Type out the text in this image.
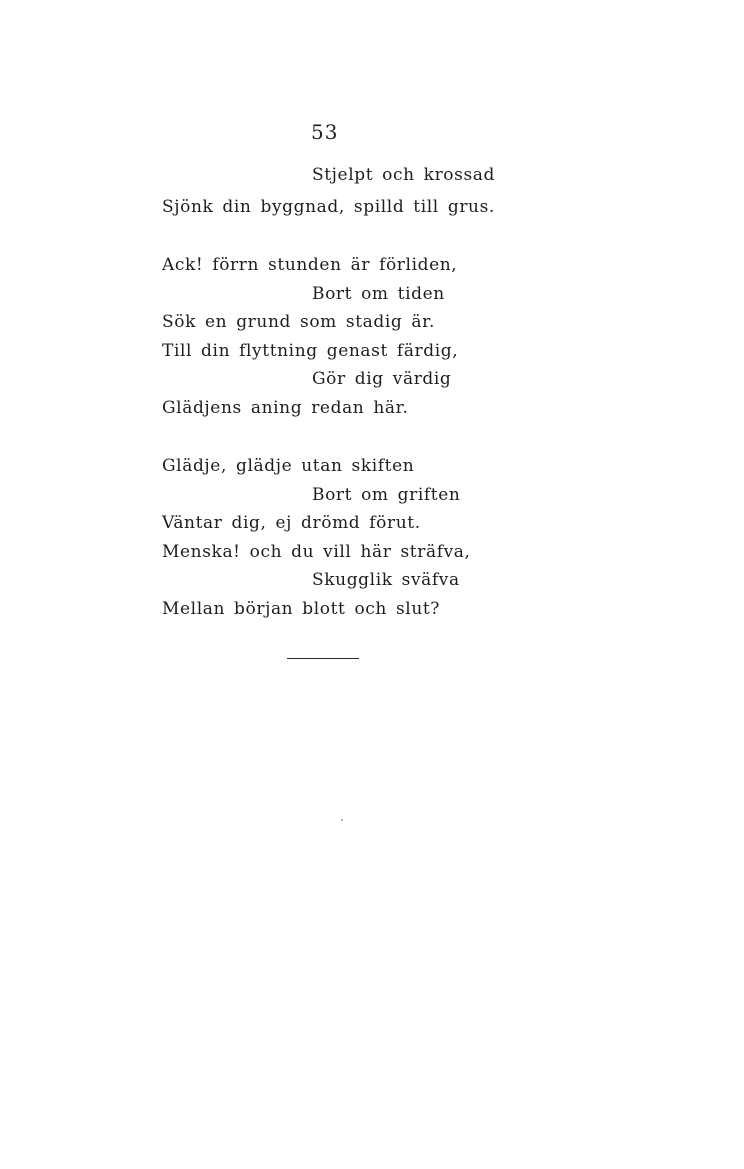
53
Stjelpt och krossad
Sjönk din byggnad, spilld till grus.
Ack! förrn stunden är förliden,
Bort om tiden
Sök en grund som stadig är.
Till din flyttning genast färdig,
Gör dig värdig
Glädjens aning redan här.
Glädje, glädje utan skiften
Bort om griften
Väntar dig, ej drömd förut.
Menska! och du vill här sträfva,
Skugglik sväfva
Mellan början blott och slut?
